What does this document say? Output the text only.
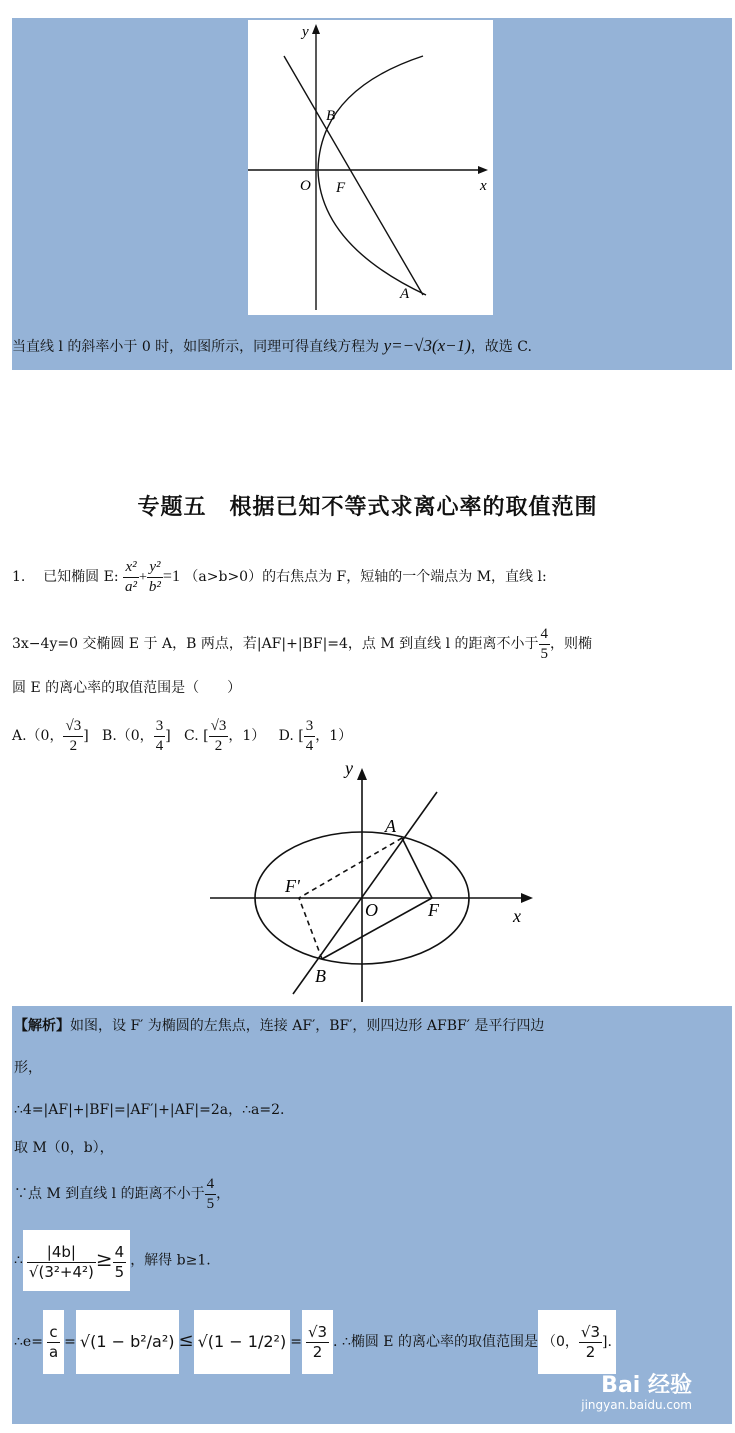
y
x
O F
B
A
当直线 l 的斜率小于 0 时，如图所示，同理可得直线方程为 y=−√3(x−1)，故选 C.
专题五　根据已知不等式求离心率的取值范围
1. 已知椭圆 E: $\frac{\text{x²}}{\text{a²}} + \frac{\text{y²}}{\text{b²}} =1$ （a>b>0）的右焦点为 F，短轴的一个端点为 M，直线 l:
3x−4y=0 交椭圆 E 于 A，B 两点，若|AF|+|BF|=4，点 M 到直线 l 的距离不小于 $\frac{4}{5}$ ，则椭
圆 E 的离心率的取值范围是（　　）
A.（0， $\frac{√3}{2}$ ] B.（0， $\frac{3}{4}$ ] C. [ $\frac{√3}{2}$ ，1） D. [ $\frac{3}{4}$ ，1）
y
x
O	F
F'
A
B
【解析】如图，设 F′ 为椭圆的左焦点，连接 AF′，BF′，则四边形 AFBF′ 是平行四边
形，
∴4=|AF|+|BF|=|AF′|+|AF|=2a，∴a=2.
取 M（0，b），
∵点 M 到直线 l 的距离不小于 $\frac{4}{5}$ ，
∴ $\frac{|4b|}{\text{√(3²+4²)}} \ge \frac{4}{5}$ ，解得 b≥1.
∴e= $\frac{c}{a} = √(1 - b^2/a^2) \le √(1 - 1/2^2) = \frac{√3}{2}$ . ∴椭圆 E 的离心率的取值范围是 （0， $\frac{√3}{2}$ ].
Bai 经验
jingyan.baidu.com
